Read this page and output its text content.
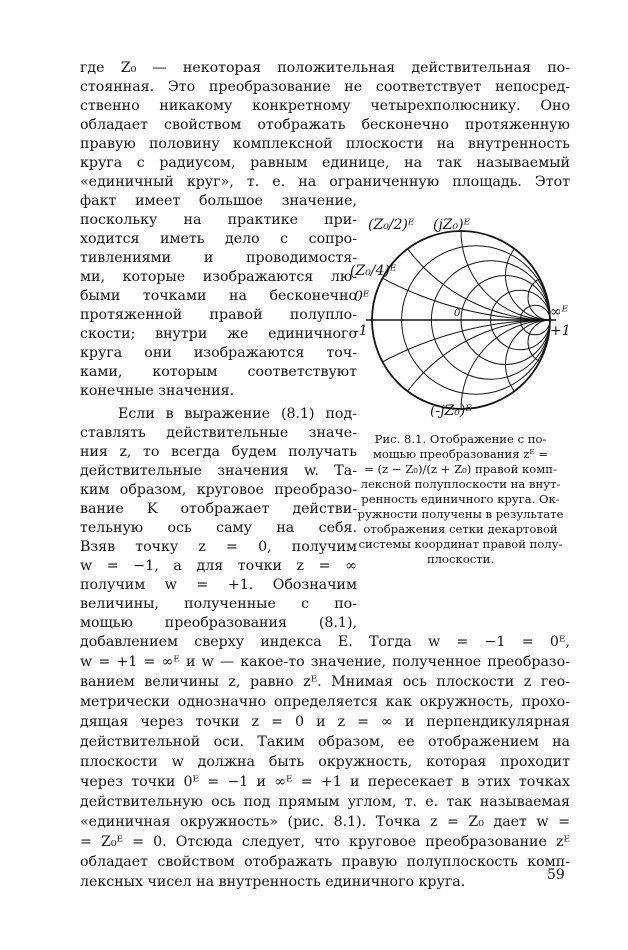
где Z₀ — некоторая положительная действительная по-
стоянная. Это преобразование не соответствует непосред-
ственно никакому конкретному четырехполюснику. Оно
обладает свойством отображать бесконечно протяженную
правую половину комплексной плоскости на внутренность
круга с радиусом, равным единице, на так называемый
«единичный круг», т. е. на ограниченную площадь. Этот
факт имеет большое значение,
поскольку на практике при-
ходится иметь дело с сопро-
тивлениями и проводимостя-
ми, которые изображаются лю-
быми точками на бесконечно
протяженной правой полупло-
скости; внутри же единичного
круга они изображаются точ-
ками, которым соответствуют
конечные значения.
Если в выражение (8.1) под-
ставлять действительные значе-
ния z, то всегда будем получать
действительные значения w. Та-
ким образом, круговое преобразо-
вание K отображает действи-
тельную ось саму на себя.
Взяв точку z = 0, получим
w = −1, а для точки z = ∞
получим w = +1. Обозначим
величины, полученные с по-
мощью преобразования (8.1),
добавлением сверху индекса E. Тогда w = −1 = 0ᴱ,
w = +1 = ∞ᴱ и w — какое-то значение, полученное преобразо-
ванием величины z, равно zᴱ. Мнимая ось плоскости z гео-
метрически однозначно определяется как окружность, прохо-
дящая через точки z = 0 и z = ∞ и перпендикулярная
действительной оси. Таким образом, ее отображением на
плоскости w должна быть окружность, которая проходит
через точки 0ᴱ = −1 и ∞ᴱ = +1 и пересекает в этих точках
действительную ось под прямым углом, т. е. так называемая
«единичная окружность» (рис. 8.1). Точка z = Z₀ дает w =
= Z₀ᴱ = 0. Отсюда следует, что круговое преобразование zᴱ
обладает свойством отображать правую полуплоскость комп-
лексных чисел на внутренность единичного круга.
(Z₀/2)ᴱ (jZ₀)ᴱ
(Z₀/4)ᴱ
0ᴱ
-1
0	∞ᴱ
+1
(-jZ₀)ᴱ
Рис. 8.1. Отображение с по-
мощью преобразования zᴱ =
= (z − Z₀)/(z + Z₀) правой комп-
лексной полуплоскости на внут-
ренность единичного круга. Ок-
ружности получены в результате
отображения сетки декартовой
системы координат правой полу-
плоскости.
59
